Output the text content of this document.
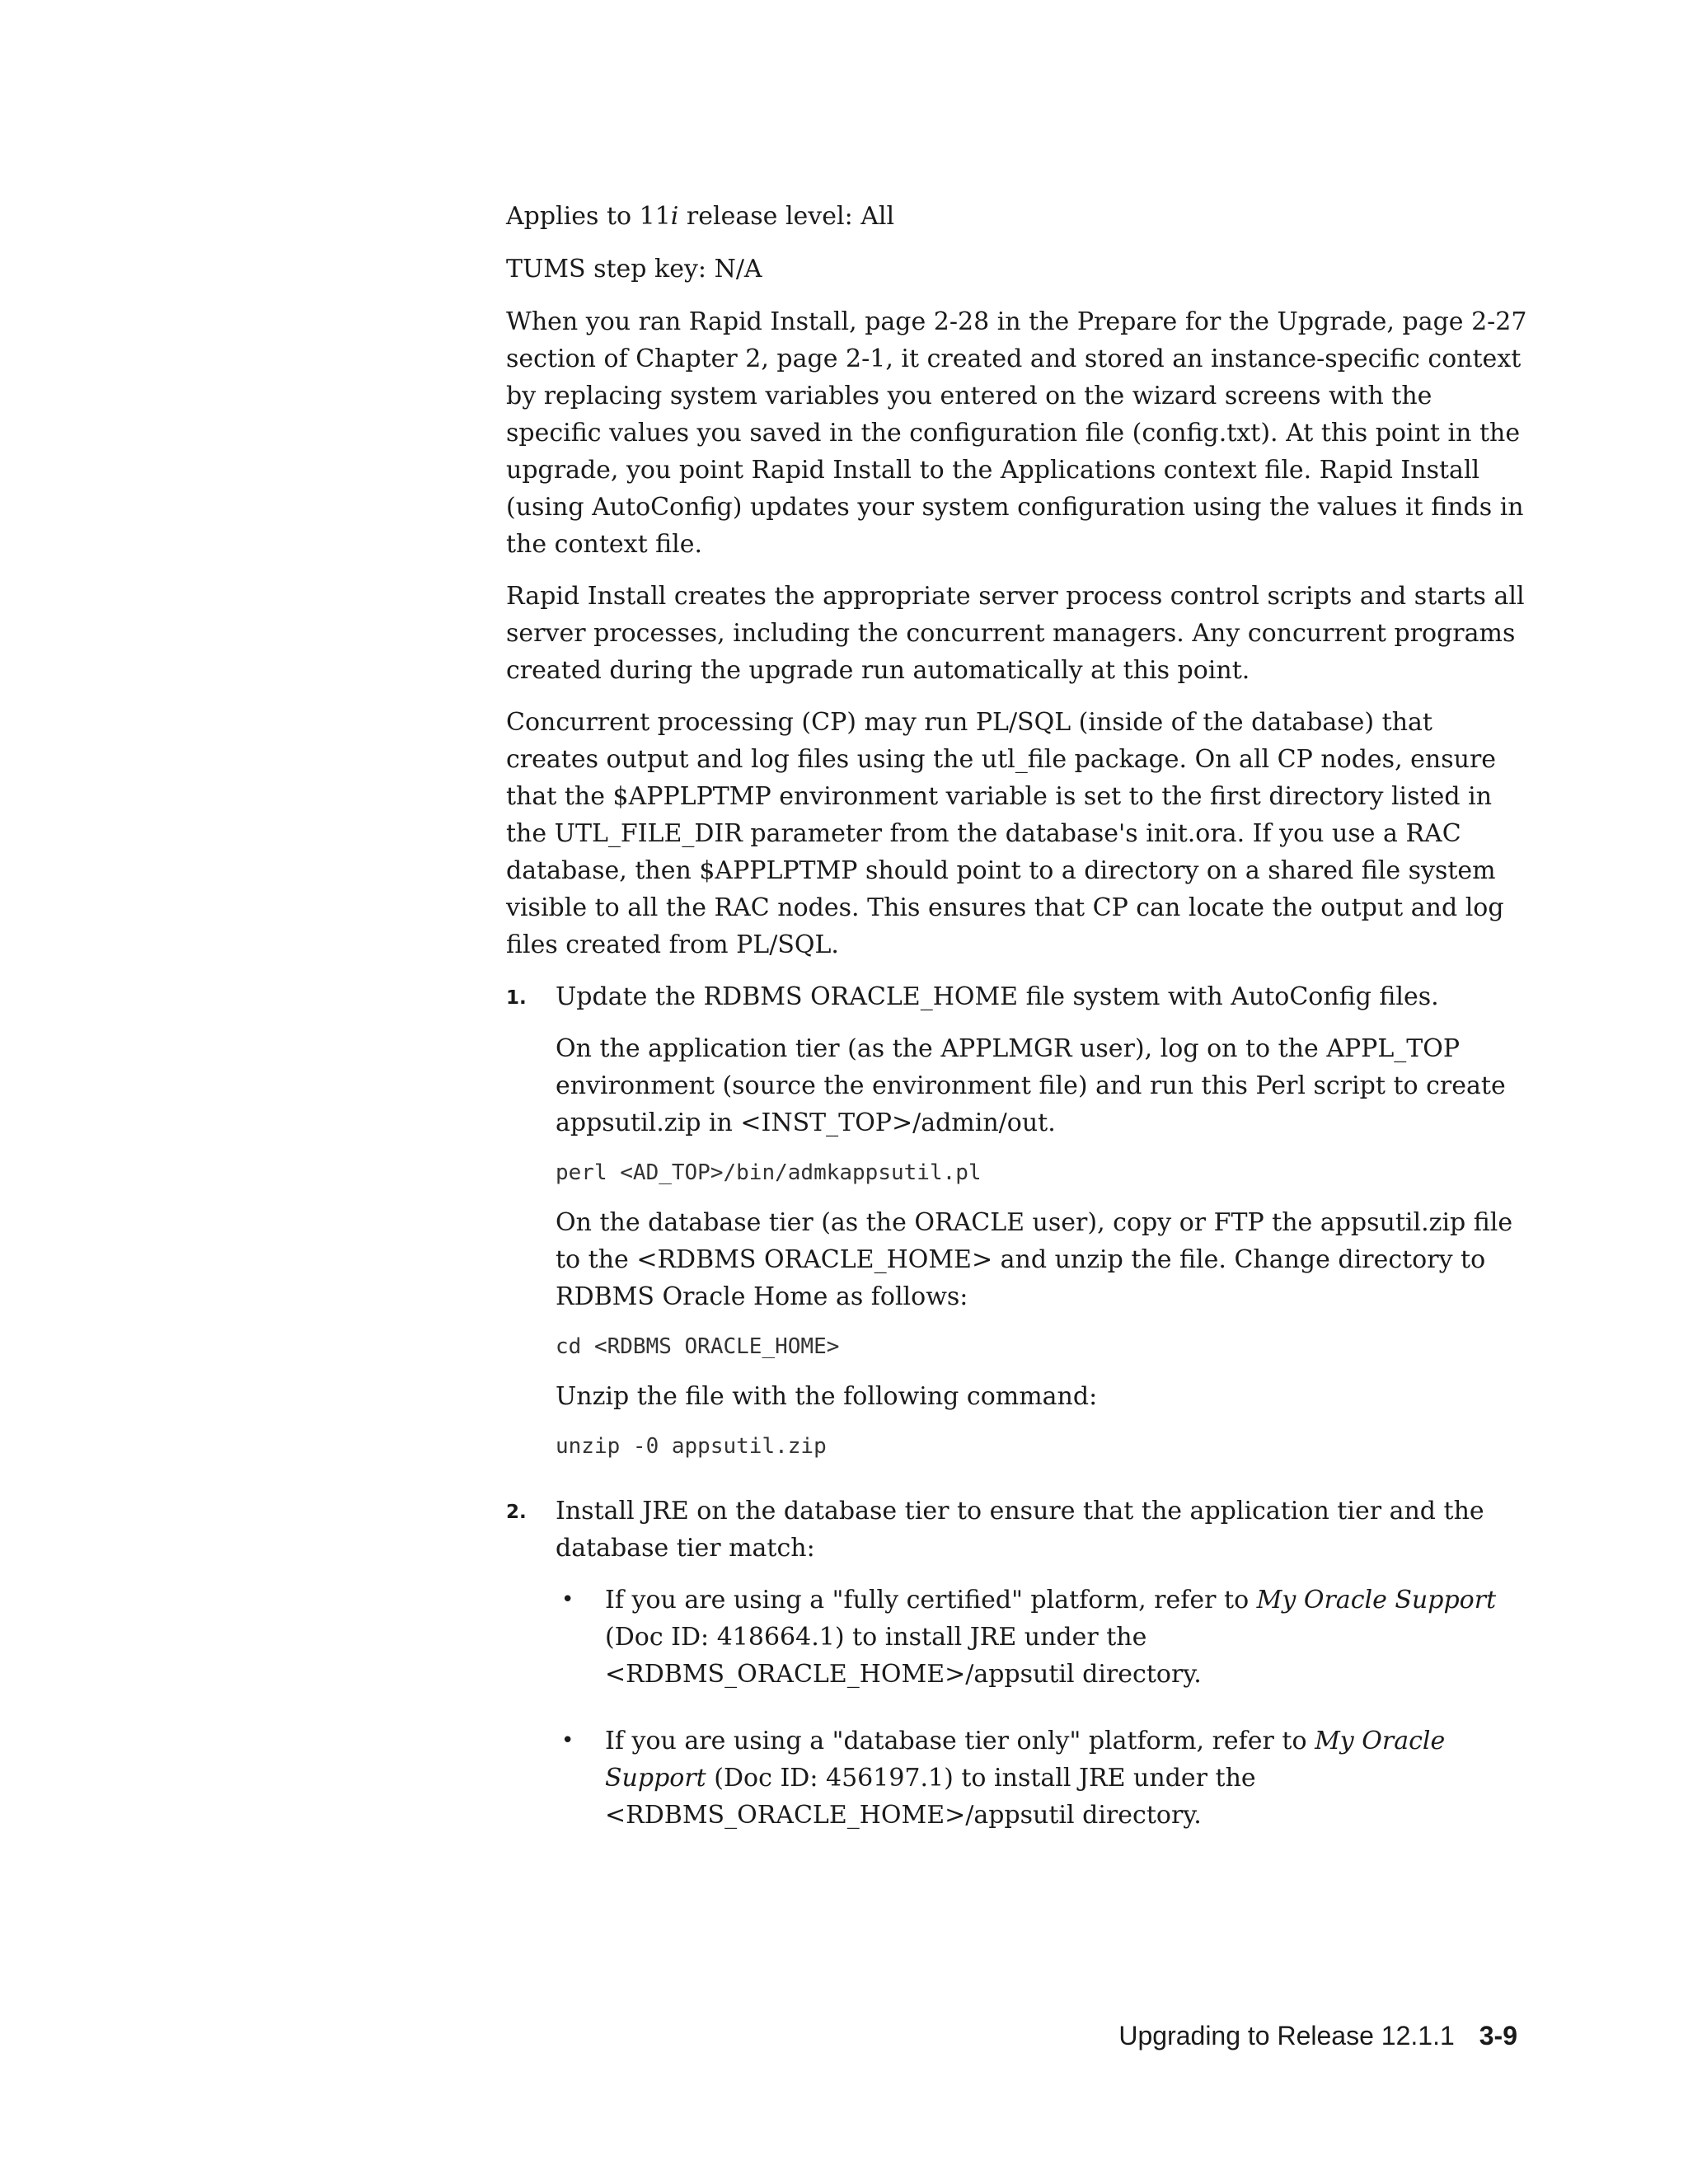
Applies to 11i release level: All

TUMS step key: N/A

When you ran Rapid Install, page 2-28 in the Prepare for the Upgrade, page 2-27 section of Chapter 2, page 2-1, it created and stored an instance-specific context by replacing system variables you entered on the wizard screens with the specific values you saved in the configuration file (config.txt). At this point in the upgrade, you point Rapid Install to the Applications context file. Rapid Install (using AutoConfig) updates your system configuration using the values it finds in the context file.

Rapid Install creates the appropriate server process control scripts and starts all server processes, including the concurrent managers. Any concurrent programs created during the upgrade run automatically at this point.

Concurrent processing (CP) may run PL/SQL (inside of the database) that creates output and log files using the utl_file package. On all CP nodes, ensure that the $APPLPTMP environment variable is set to the first directory listed in the UTL_FILE_DIR parameter from the database's init.ora. If you use a RAC database, then $APPLPTMP should point to a directory on a shared file system visible to all the RAC nodes. This ensures that CP can locate the output and log files created from PL/SQL.

1. Update the RDBMS ORACLE_HOME file system with AutoConfig files.

On the application tier (as the APPLMGR user), log on to the APPL_TOP environment (source the environment file) and run this Perl script to create appsutil.zip in <INST_TOP>/admin/out.

perl <AD_TOP>/bin/admkappsutil.pl

On the database tier (as the ORACLE user), copy or FTP the appsutil.zip file to the <RDBMS ORACLE_HOME> and unzip the file. Change directory to RDBMS Oracle Home as follows:

cd <RDBMS ORACLE_HOME>

Unzip the file with the following command:

unzip -0 appsutil.zip
2. Install JRE on the database tier to ensure that the application tier and the database tier match:

• If you are using a "fully certified" platform, refer to My Oracle Support (Doc ID: 418664.1) to install JRE under the <RDBMS_ORACLE_HOME>/appsutil directory.
• If you are using a "database tier only" platform, refer to My Oracle Support (Doc ID: 456197.1) to install JRE under the <RDBMS_ORACLE_HOME>/appsutil directory.
Upgrading to Release 12.1.1 3-9
